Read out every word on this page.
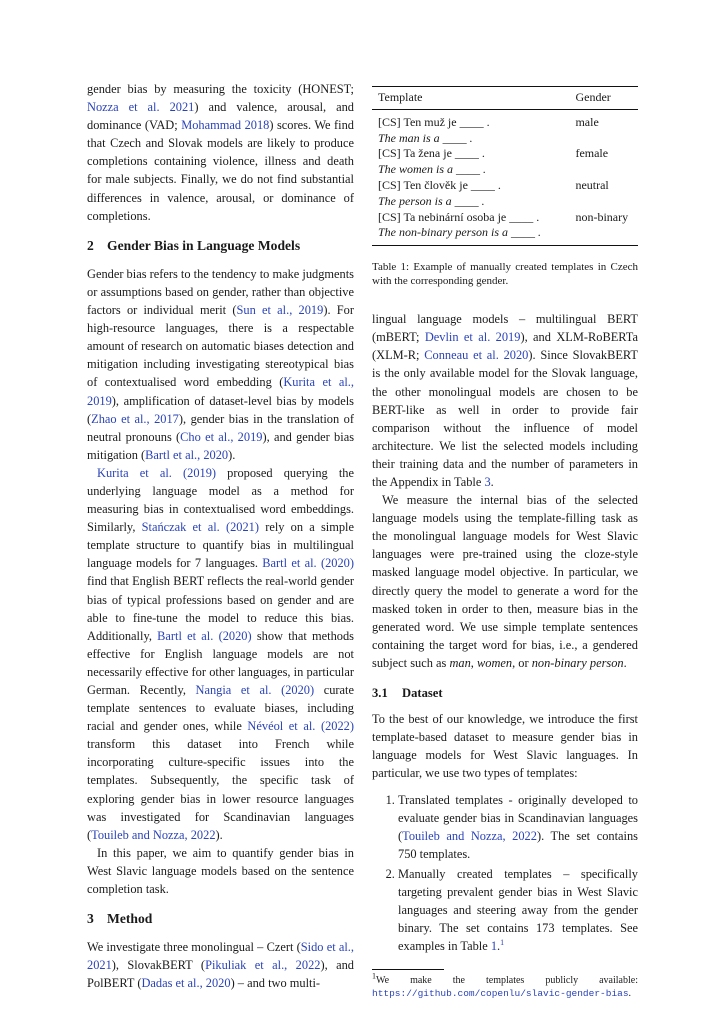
gender bias by measuring the toxicity (HONEST; Nozza et al. 2021) and valence, arousal, and dominance (VAD; Mohammad 2018) scores. We find that Czech and Slovak models are likely to produce completions containing violence, illness and death for male subjects. Finally, we do not find substantial differences in valence, arousal, or dominance of completions.

2 Gender Bias in Language Models

Gender bias refers to the tendency to make judgments or assumptions based on gender, rather than objective factors or individual merit (Sun et al., 2019). For high-resource languages, there is a respectable amount of research on automatic biases detection and mitigation including investigating stereotypical bias of contextualised word embedding (Kurita et al., 2019), amplification of dataset-level bias by models (Zhao et al., 2017), gender bias in the translation of neutral pronouns (Cho et al., 2019), and gender bias mitigation (Bartl et al., 2020).

Kurita et al. (2019) proposed querying the underlying language model as a method for measuring bias in contextualised word embeddings. Similarly, Stańczak et al. (2021) rely on a simple template structure to quantify bias in multilingual language models for 7 languages. Bartl et al. (2020) find that English BERT reflects the real-world gender bias of typical professions based on gender and are able to fine-tune the model to reduce this bias. Additionally, Bartl et al. (2020) show that methods effective for English language models are not necessarily effective for other languages, in particular German. Recently, Nangia et al. (2020) curate template sentences to evaluate biases, including racial and gender ones, while Névéol et al. (2022) transform this dataset into French while incorporating culture-specific issues into the templates. Subsequently, the specific task of exploring gender bias in lower resource languages was investigated for Scandinavian languages (Touileb and Nozza, 2022).

In this paper, we aim to quantify gender bias in West Slavic language models based on the sentence completion task.

3 Method

We investigate three monolingual – Czert (Sido et al., 2021), SlovakBERT (Pikuliak et al., 2022), and PolBERT (Dadas et al., 2020) – and two multi-

Template	Gender
[CS] Ten muž je ____ .	male
The man is a ____ .	
[CS] Ta žena je ____ .	female
The women is a ____ .	
[CS] Ten člověk je ____ .	neutral
The person is a ____ .	
[CS] Ta nebinární osoba je ____ .	non-binary
The non-binary person is a ____ .	

Table 1: Example of manually created templates in Czech with the corresponding gender.

lingual language models – multilingual BERT (mBERT; Devlin et al. 2019), and XLM-RoBERTa (XLM-R; Conneau et al. 2020). Since SlovakBERT is the only available model for the Slovak language, the other monolingual models are chosen to be BERT-like as well in order to provide fair comparison without the influence of model architecture. We list the selected models including their training data and the number of parameters in the Appendix in Table 3.

We measure the internal bias of the selected language models using the template-filling task as the monolingual language models for West Slavic languages were pre-trained using the cloze-style masked language model objective. In particular, we directly query the model to generate a word for the masked token in order to then, measure bias in the generated word. We use simple template sentences containing the target word for bias, i.e., a gendered subject such as man, women, or non-binary person.

3.1 Dataset

To the best of our knowledge, we introduce the first template-based dataset to measure gender bias in language models for West Slavic languages. In particular, we use two types of templates:

1. Translated templates - originally developed to evaluate gender bias in Scandinavian languages (Touileb and Nozza, 2022). The set contains 750 templates.
2. Manually created templates – specifically targeting prevalent gender bias in West Slavic languages and steering away from the gender binary. The set contains 173 templates. See examples in Table 1.$^1$
$^1$We make the templates publicly available: https://github.com/copenlu/slavic-gender-bias.
